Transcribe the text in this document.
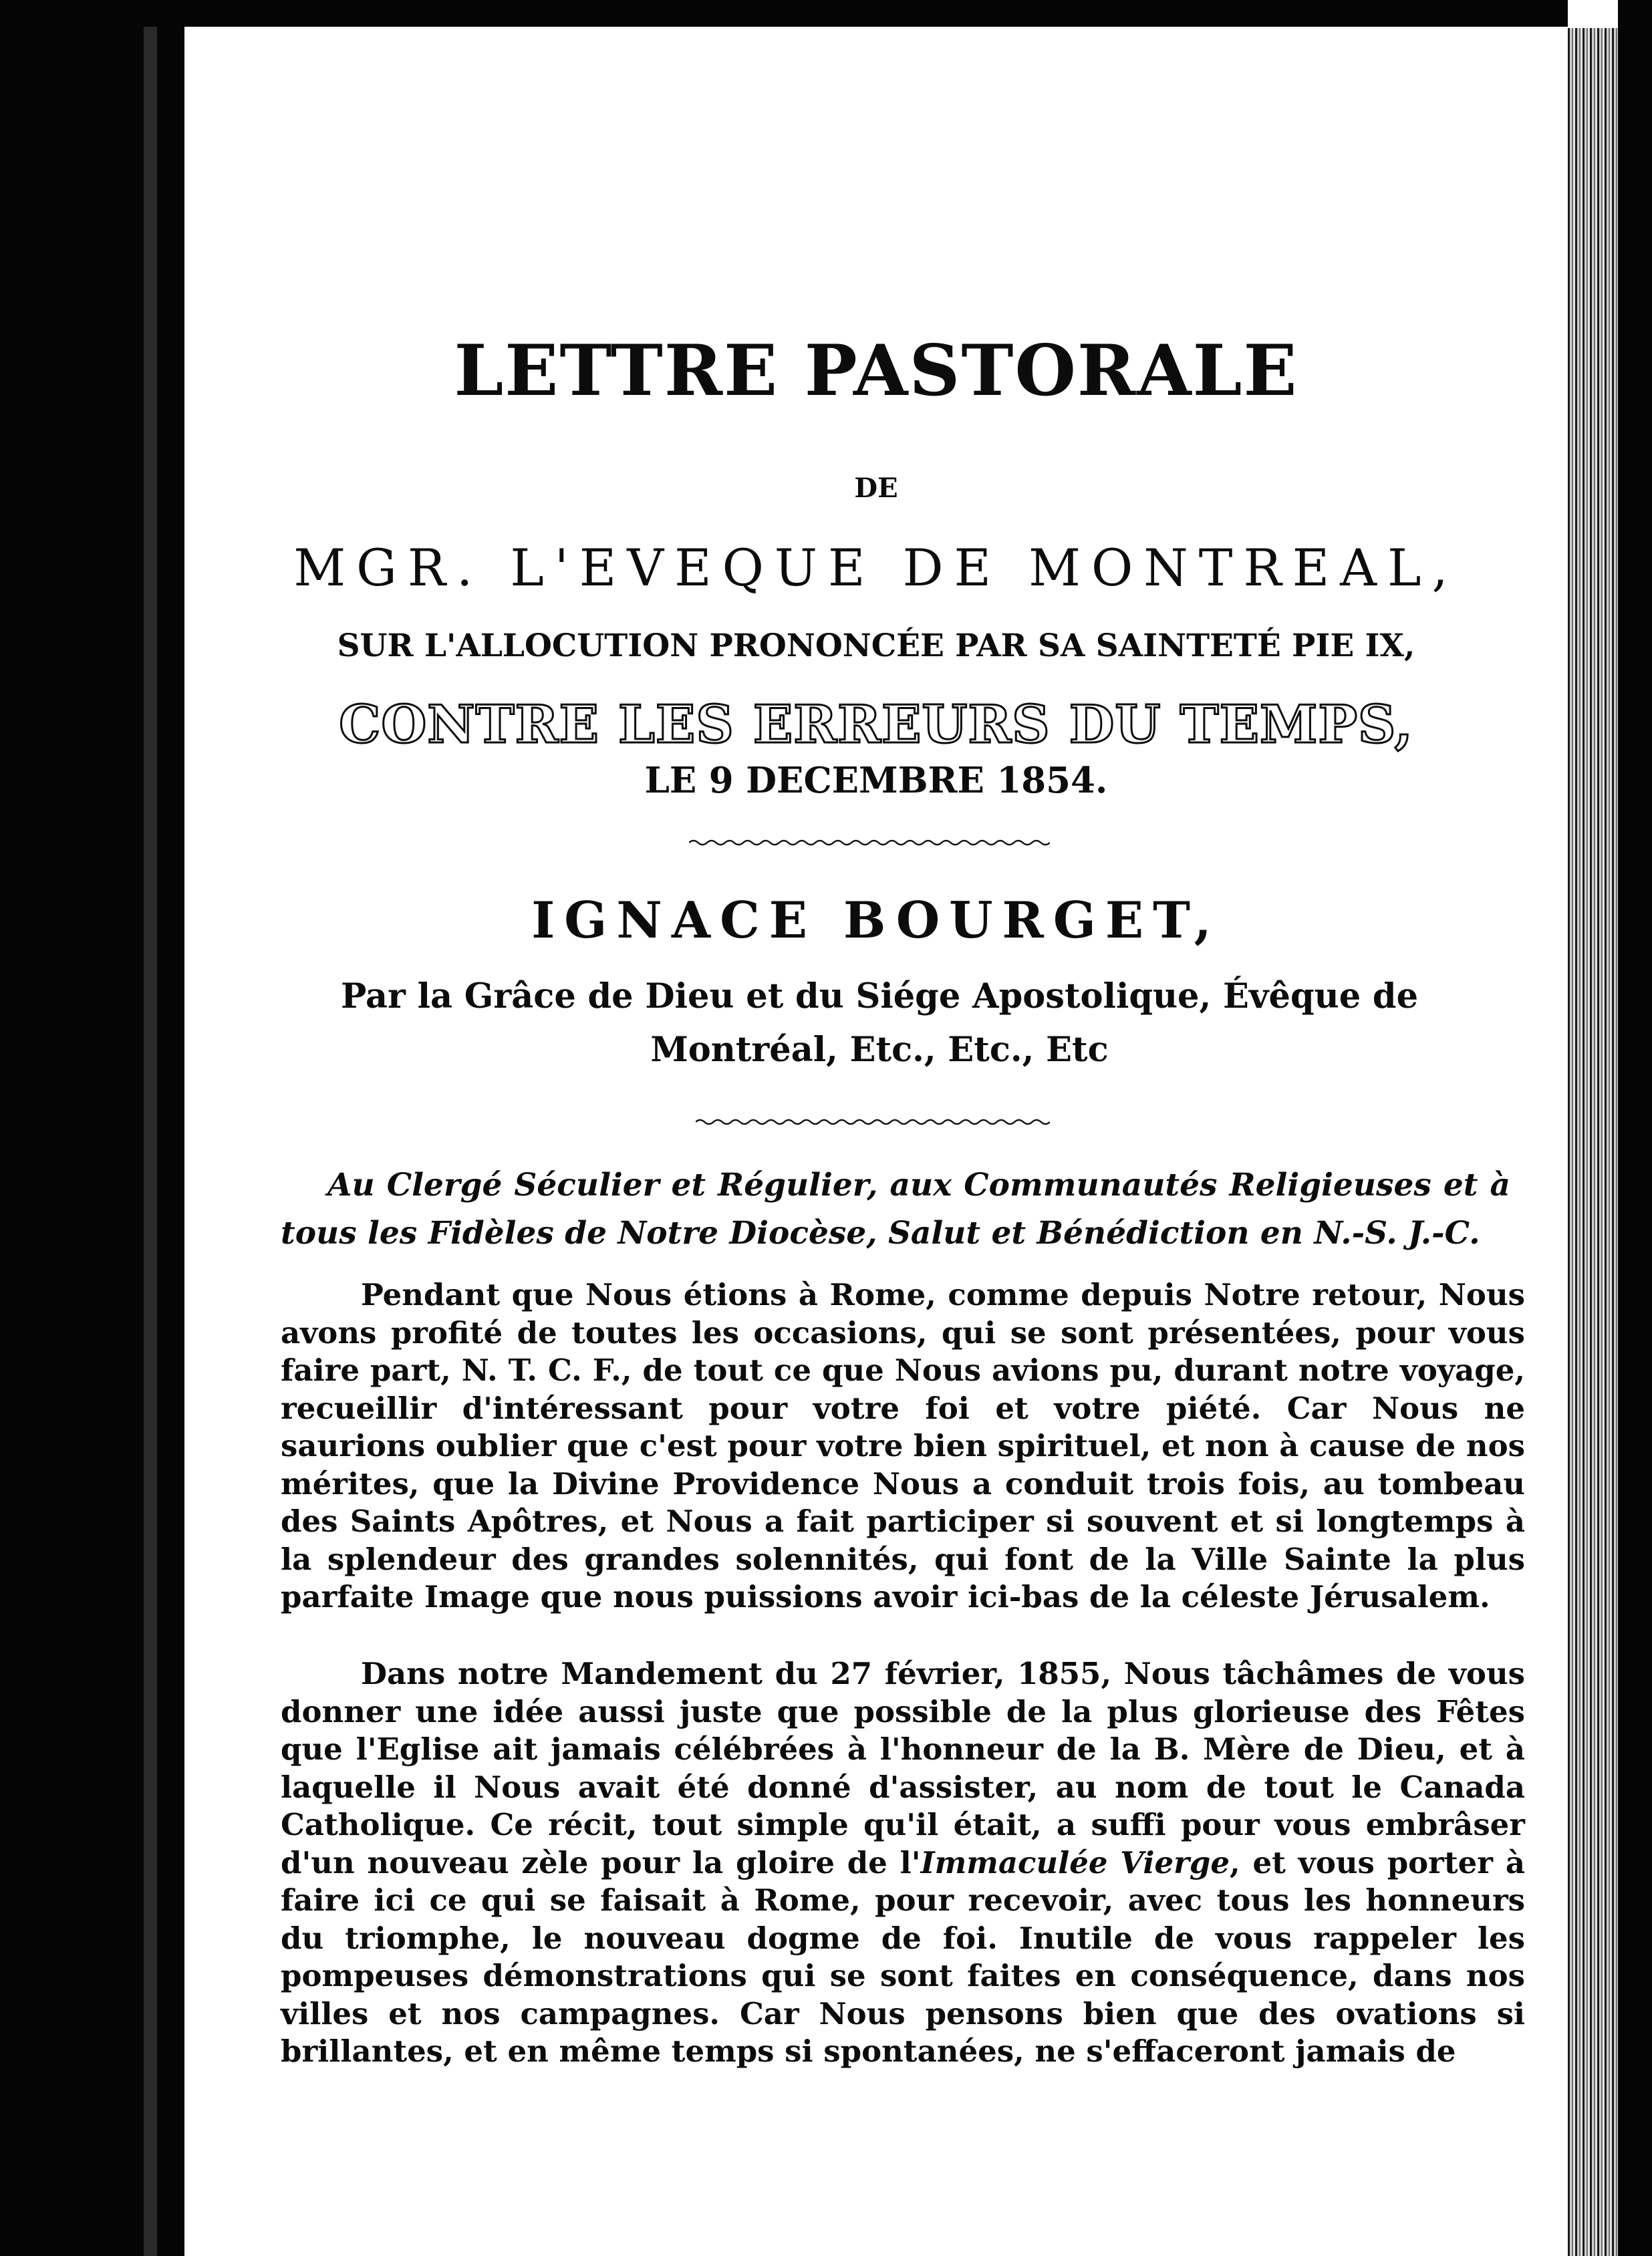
LETTRE PASTORALE
DE
MGR. L'EVEQUE DE MONTREAL,
SUR L'ALLOCUTION PRONONCÉE PAR SA SAINTETÉ PIE IX,
CONTRE LES ERREURS DU TEMPS,
LE 9 DECEMBRE 1854.
IGNACE BOURGET,

Par la Grâce de Dieu et du Siége Apostolique, Évêque de Montréal, Etc., Etc., Etc

Au Clergé Séculier et Régulier, aux Communautés Religieuses et à tous les Fidèles de Notre Diocèse, Salut et Bénédiction en N.-S. J.-C.

Pendant que Nous étions à Rome, comme depuis Notre retour, Nous avons profité de toutes les occasions, qui se sont présentées, pour vous faire part, N. T. C. F., de tout ce que Nous avions pu, durant notre voyage, recueillir d'intéressant pour votre foi et votre piété. Car Nous ne saurions oublier que c'est pour votre bien spirituel, et non à cause de nos mérites, que la Divine Providence Nous a conduit trois fois, au tombeau des Saints Apôtres, et Nous a fait participer si souvent et si longtemps à la splendeur des grandes solennités, qui font de la Ville Sainte la plus parfaite Image que nous puissions avoir ici-bas de la céleste Jérusalem.

Dans notre Mandement du 27 février, 1855, Nous tâchâmes de vous donner une idée aussi juste que possible de la plus glorieuse des Fêtes que l'Eglise ait jamais célébrées à l'honneur de la B. Mère de Dieu, et à laquelle il Nous avait été donné d'assister, au nom de tout le Canada Catholique. Ce récit, tout simple qu'il était, a suffi pour vous embrâser d'un nouveau zèle pour la gloire de l'Immaculée Vierge, et vous porter à faire ici ce qui se faisait à Rome, pour recevoir, avec tous les honneurs du triomphe, le nouveau dogme de foi. Inutile de vous rappeler les pompeuses démonstrations qui se sont faites en conséquence, dans nos villes et nos campagnes. Car Nous pensons bien que des ovations si brillantes, et en même temps si spontanées, ne s'effaceront jamais de
